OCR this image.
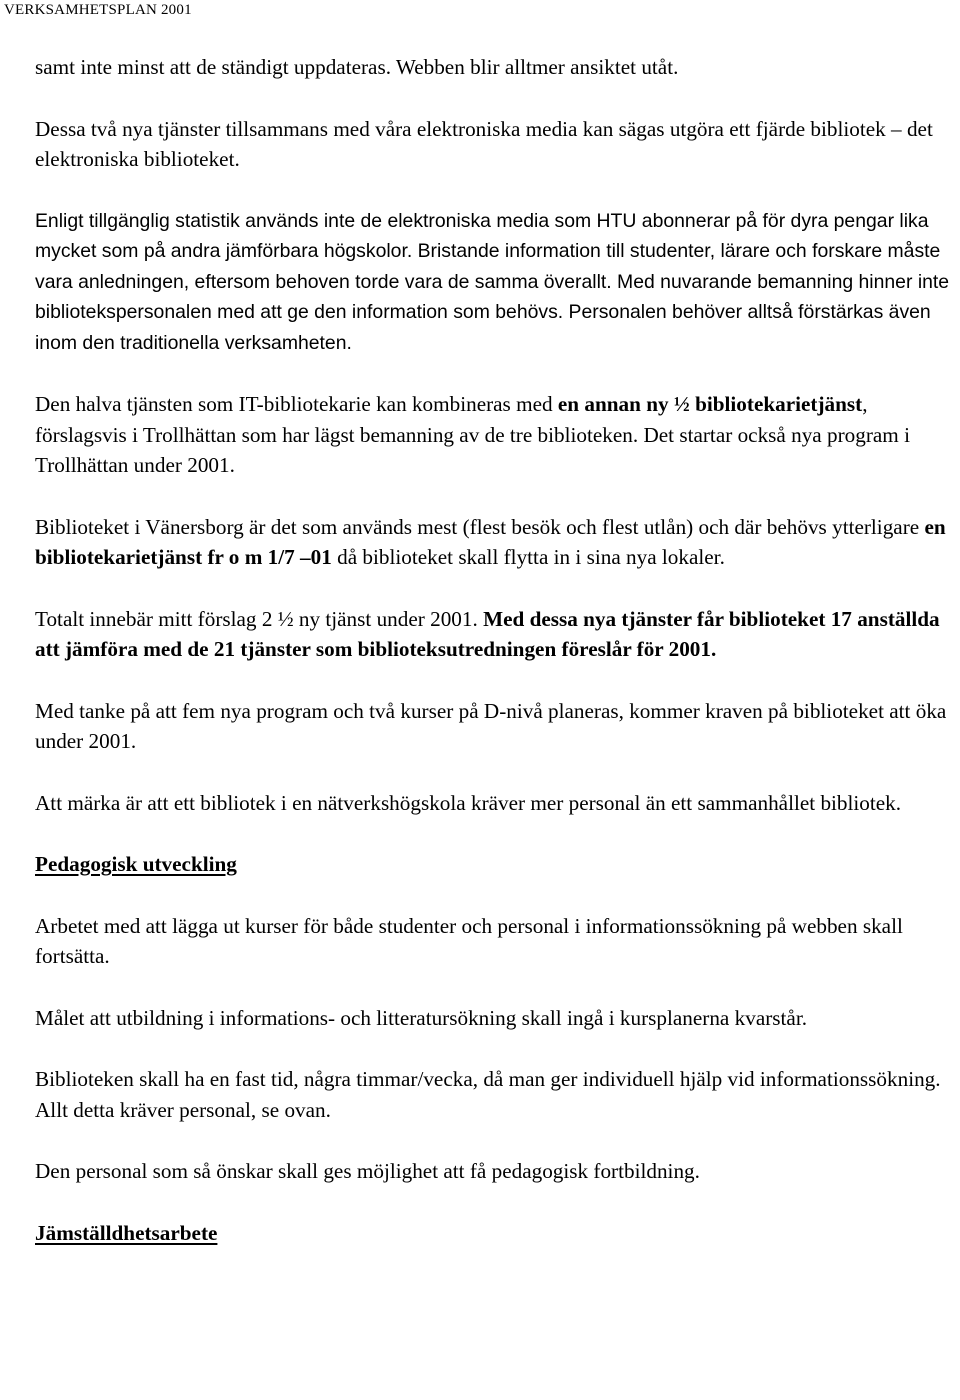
VERKSAMHETSPLAN 2001

samt inte minst att de ständigt uppdateras. Webben blir alltmer ansiktet utåt.

Dessa två nya tjänster tillsammans med våra elektroniska media kan sägas utgöra ett fjärde bibliotek – det elektroniska biblioteket.

Enligt tillgänglig statistik används inte de elektroniska media som HTU abonnerar på för dyra pengar lika mycket som på andra jämförbara högskolor. Bristande information till studenter, lärare och forskare måste vara anledningen, eftersom behoven torde vara de samma överallt. Med nuvarande bemanning hinner inte bibliotekspersonalen med att ge den information som behövs. Personalen behöver alltså förstärkas även inom den traditionella verksamheten.

Den halva tjänsten som IT-bibliotekarie kan kombineras med en annan ny ½ bibliotekarietjänst, förslagsvis i Trollhättan som har lägst bemanning av de tre biblioteken. Det startar också nya program i Trollhättan under 2001.

Biblioteket i Vänersborg är det som används mest (flest besök och flest utlån) och där behövs ytterligare en bibliotekarietjänst fr o m 1/7 –01 då biblioteket skall flytta in i sina nya lokaler.

Totalt innebär mitt förslag 2 ½ ny tjänst under 2001. Med dessa nya tjänster får biblioteket 17 anställda att jämföra med de 21 tjänster som biblioteksutredningen föreslår för 2001.

Med tanke på att fem nya program och två kurser på D-nivå planeras, kommer kraven på biblioteket att öka under 2001.

Att märka är att ett bibliotek i en nätverkshögskola kräver mer personal än ett sammanhållet bibliotek.

Pedagogisk utveckling

Arbetet med att lägga ut kurser för både studenter och personal i informationssökning på webben skall fortsätta.

Målet att utbildning i informations- och litteratursökning skall ingå i kursplanerna kvarstår.

Biblioteken skall ha en fast tid, några timmar/vecka, då man ger individuell hjälp vid informationssökning. Allt detta kräver personal, se ovan.

Den personal som så önskar skall ges möjlighet att få pedagogisk fortbildning.

Jämställdhetsarbete
